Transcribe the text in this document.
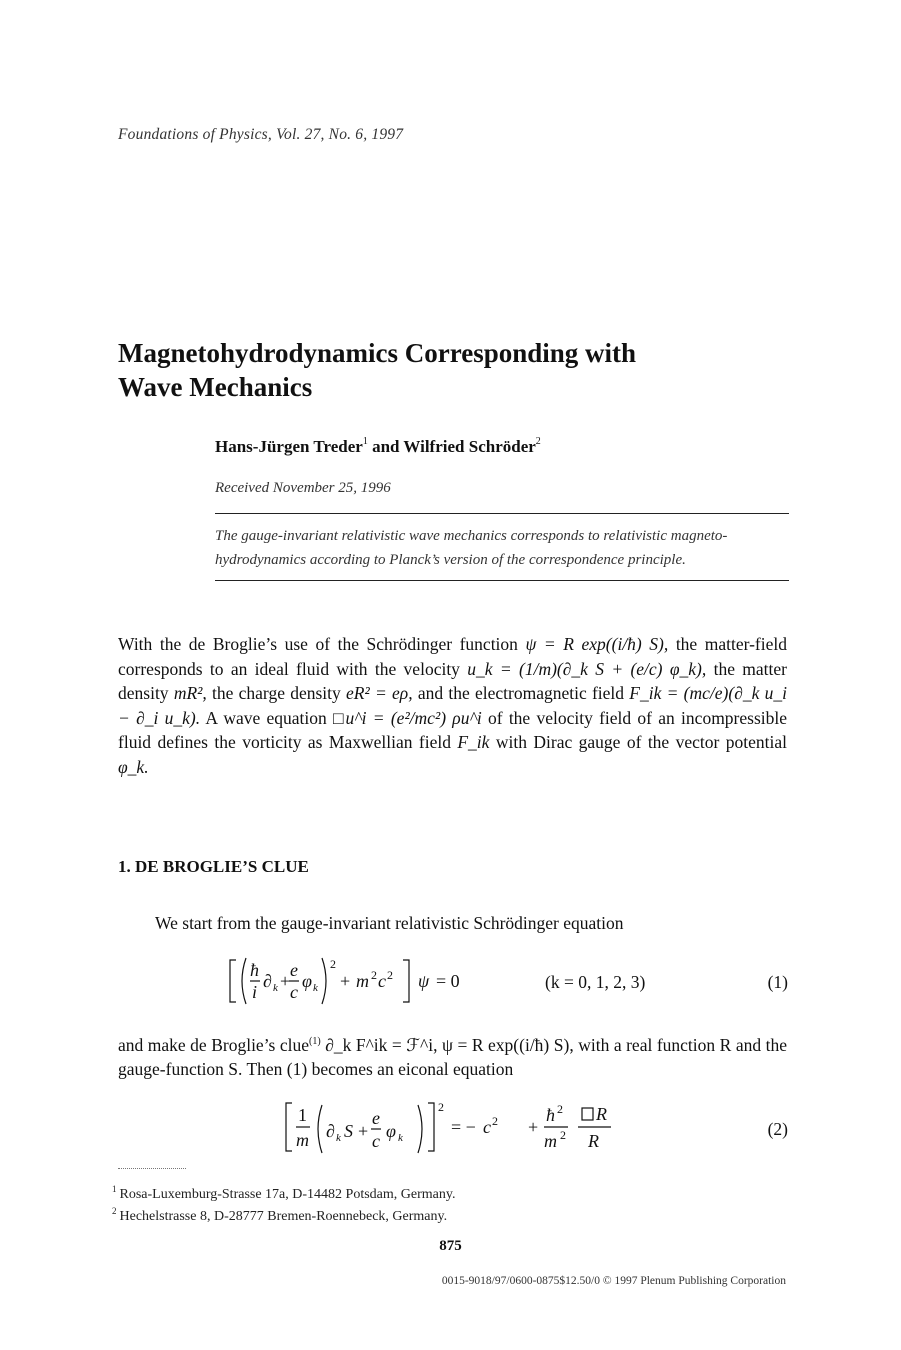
Foundations of Physics, Vol. 27, No. 6, 1997
Magnetohydrodynamics Corresponding with
Wave Mechanics
Hans-Jürgen Treder$^1$ and Wilfried Schröder$^2$
Received November 25, 1996
The gauge-invariant relativistic wave mechanics corresponds to relativistic magneto-hydrodynamics according to Planck’s version of the correspondence principle.
With the de Broglie’s use of the Schrödinger function ψ = R exp((i/ħ) S), the matter-field corresponds to an ideal fluid with the velocity u_k = (1/m)(∂_k S + (e/c) φ_k), the matter density mR², the charge density eR² = eρ, and the electromagnetic field F_ik = (mc/e)(∂_k u_i − ∂_i u_k). A wave equation □u^i = (e²/mc²) ρu^i of the velocity field of an incompressible fluid defines the vorticity as Maxwellian field F_ik with Dirac gauge of the vector potential φ_k.
1. DE BROGLIE’S CLUE
We start from the gauge-invariant relativistic Schrödinger equation
ħ
i
∂ k +
e
c
φ k
2
+ m 2 c 2 ψ = 0	(k = 0, 1, 2, 3)	(1)
and make de Broglie’s clue$^{(1)}$ ∂_k F^ik = ℱ^i, ψ = R exp((i/ħ) S), with a real function R and the gauge-function S. Then (1) becomes an eiconal equation
1
m ∂ k S +
e
c φ k
2
= − c 2 +
ħ 2
m 2
R
R
(2)
$^1$ Rosa-Luxemburg-Strasse 17a, D-14482 Potsdam, Germany.
$^2$ Hechelstrasse 8, D-28777 Bremen-Roennebeck, Germany.
875
0015-9018/97/0600-0875$12.50/0 © 1997 Plenum Publishing Corporation
